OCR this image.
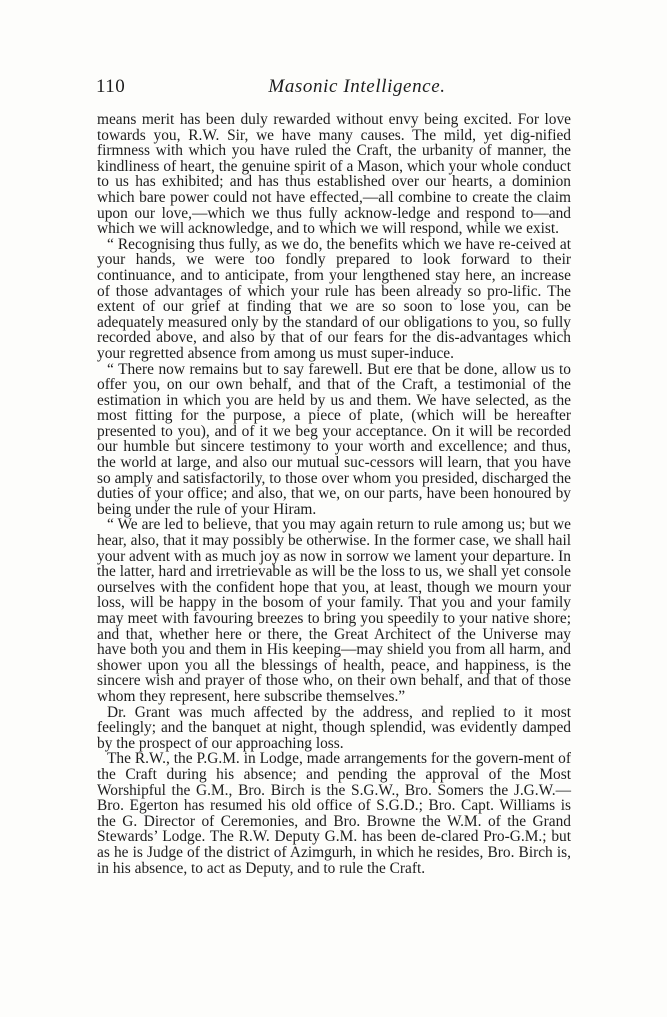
110	Masonic Intelligence.

means merit has been duly rewarded without envy being excited. For love towards you, R.W. Sir, we have many causes. The mild, yet dig-nified firmness with which you have ruled the Craft, the urbanity of manner, the kindliness of heart, the genuine spirit of a Mason, which your whole conduct to us has exhibited; and has thus established over our hearts, a dominion which bare power could not have effected,—all combine to create the claim upon our love,—which we thus fully acknow-ledge and respond to—and which we will acknowledge, and to which we will respond, while we exist.

“ Recognising thus fully, as we do, the benefits which we have re-ceived at your hands, we were too fondly prepared to look forward to their continuance, and to anticipate, from your lengthened stay here, an increase of those advantages of which your rule has been already so pro-lific. The extent of our grief at finding that we are so soon to lose you, can be adequately measured only by the standard of our obligations to you, so fully recorded above, and also by that of our fears for the dis-advantages which your regretted absence from among us must super-induce.

“ There now remains but to say farewell. But ere that be done, allow us to offer you, on our own behalf, and that of the Craft, a testimonial of the estimation in which you are held by us and them. We have selected, as the most fitting for the purpose, a piece of plate, (which will be hereafter presented to you), and of it we beg your acceptance. On it will be recorded our humble but sincere testimony to your worth and excellence; and thus, the world at large, and also our mutual suc-cessors will learn, that you have so amply and satisfactorily, to those over whom you presided, discharged the duties of your office; and also, that we, on our parts, have been honoured by being under the rule of your Hiram.

“ We are led to believe, that you may again return to rule among us; but we hear, also, that it may possibly be otherwise. In the former case, we shall hail your advent with as much joy as now in sorrow we lament your departure. In the latter, hard and irretrievable as will be the loss to us, we shall yet console ourselves with the confident hope that you, at least, though we mourn your loss, will be happy in the bosom of your family. That you and your family may meet with favouring breezes to bring you speedily to your native shore; and that, whether here or there, the Great Architect of the Universe may have both you and them in His keeping—may shield you from all harm, and shower upon you all the blessings of health, peace, and happiness, is the sincere wish and prayer of those who, on their own behalf, and that of those whom they represent, here subscribe themselves.”

Dr. Grant was much affected by the address, and replied to it most feelingly; and the banquet at night, though splendid, was evidently damped by the prospect of our approaching loss.

The R.W., the P.G.M. in Lodge, made arrangements for the govern-ment of the Craft during his absence; and pending the approval of the Most Worshipful the G.M., Bro. Birch is the S.G.W., Bro. Somers the J.G.W.—Bro. Egerton has resumed his old office of S.G.D.; Bro. Capt. Williams is the G. Director of Ceremonies, and Bro. Browne the W.M. of the Grand Stewards’ Lodge. The R.W. Deputy G.M. has been de-clared Pro-G.M.; but as he is Judge of the district of Azimgurh, in which he resides, Bro. Birch is, in his absence, to act as Deputy, and to rule the Craft.
